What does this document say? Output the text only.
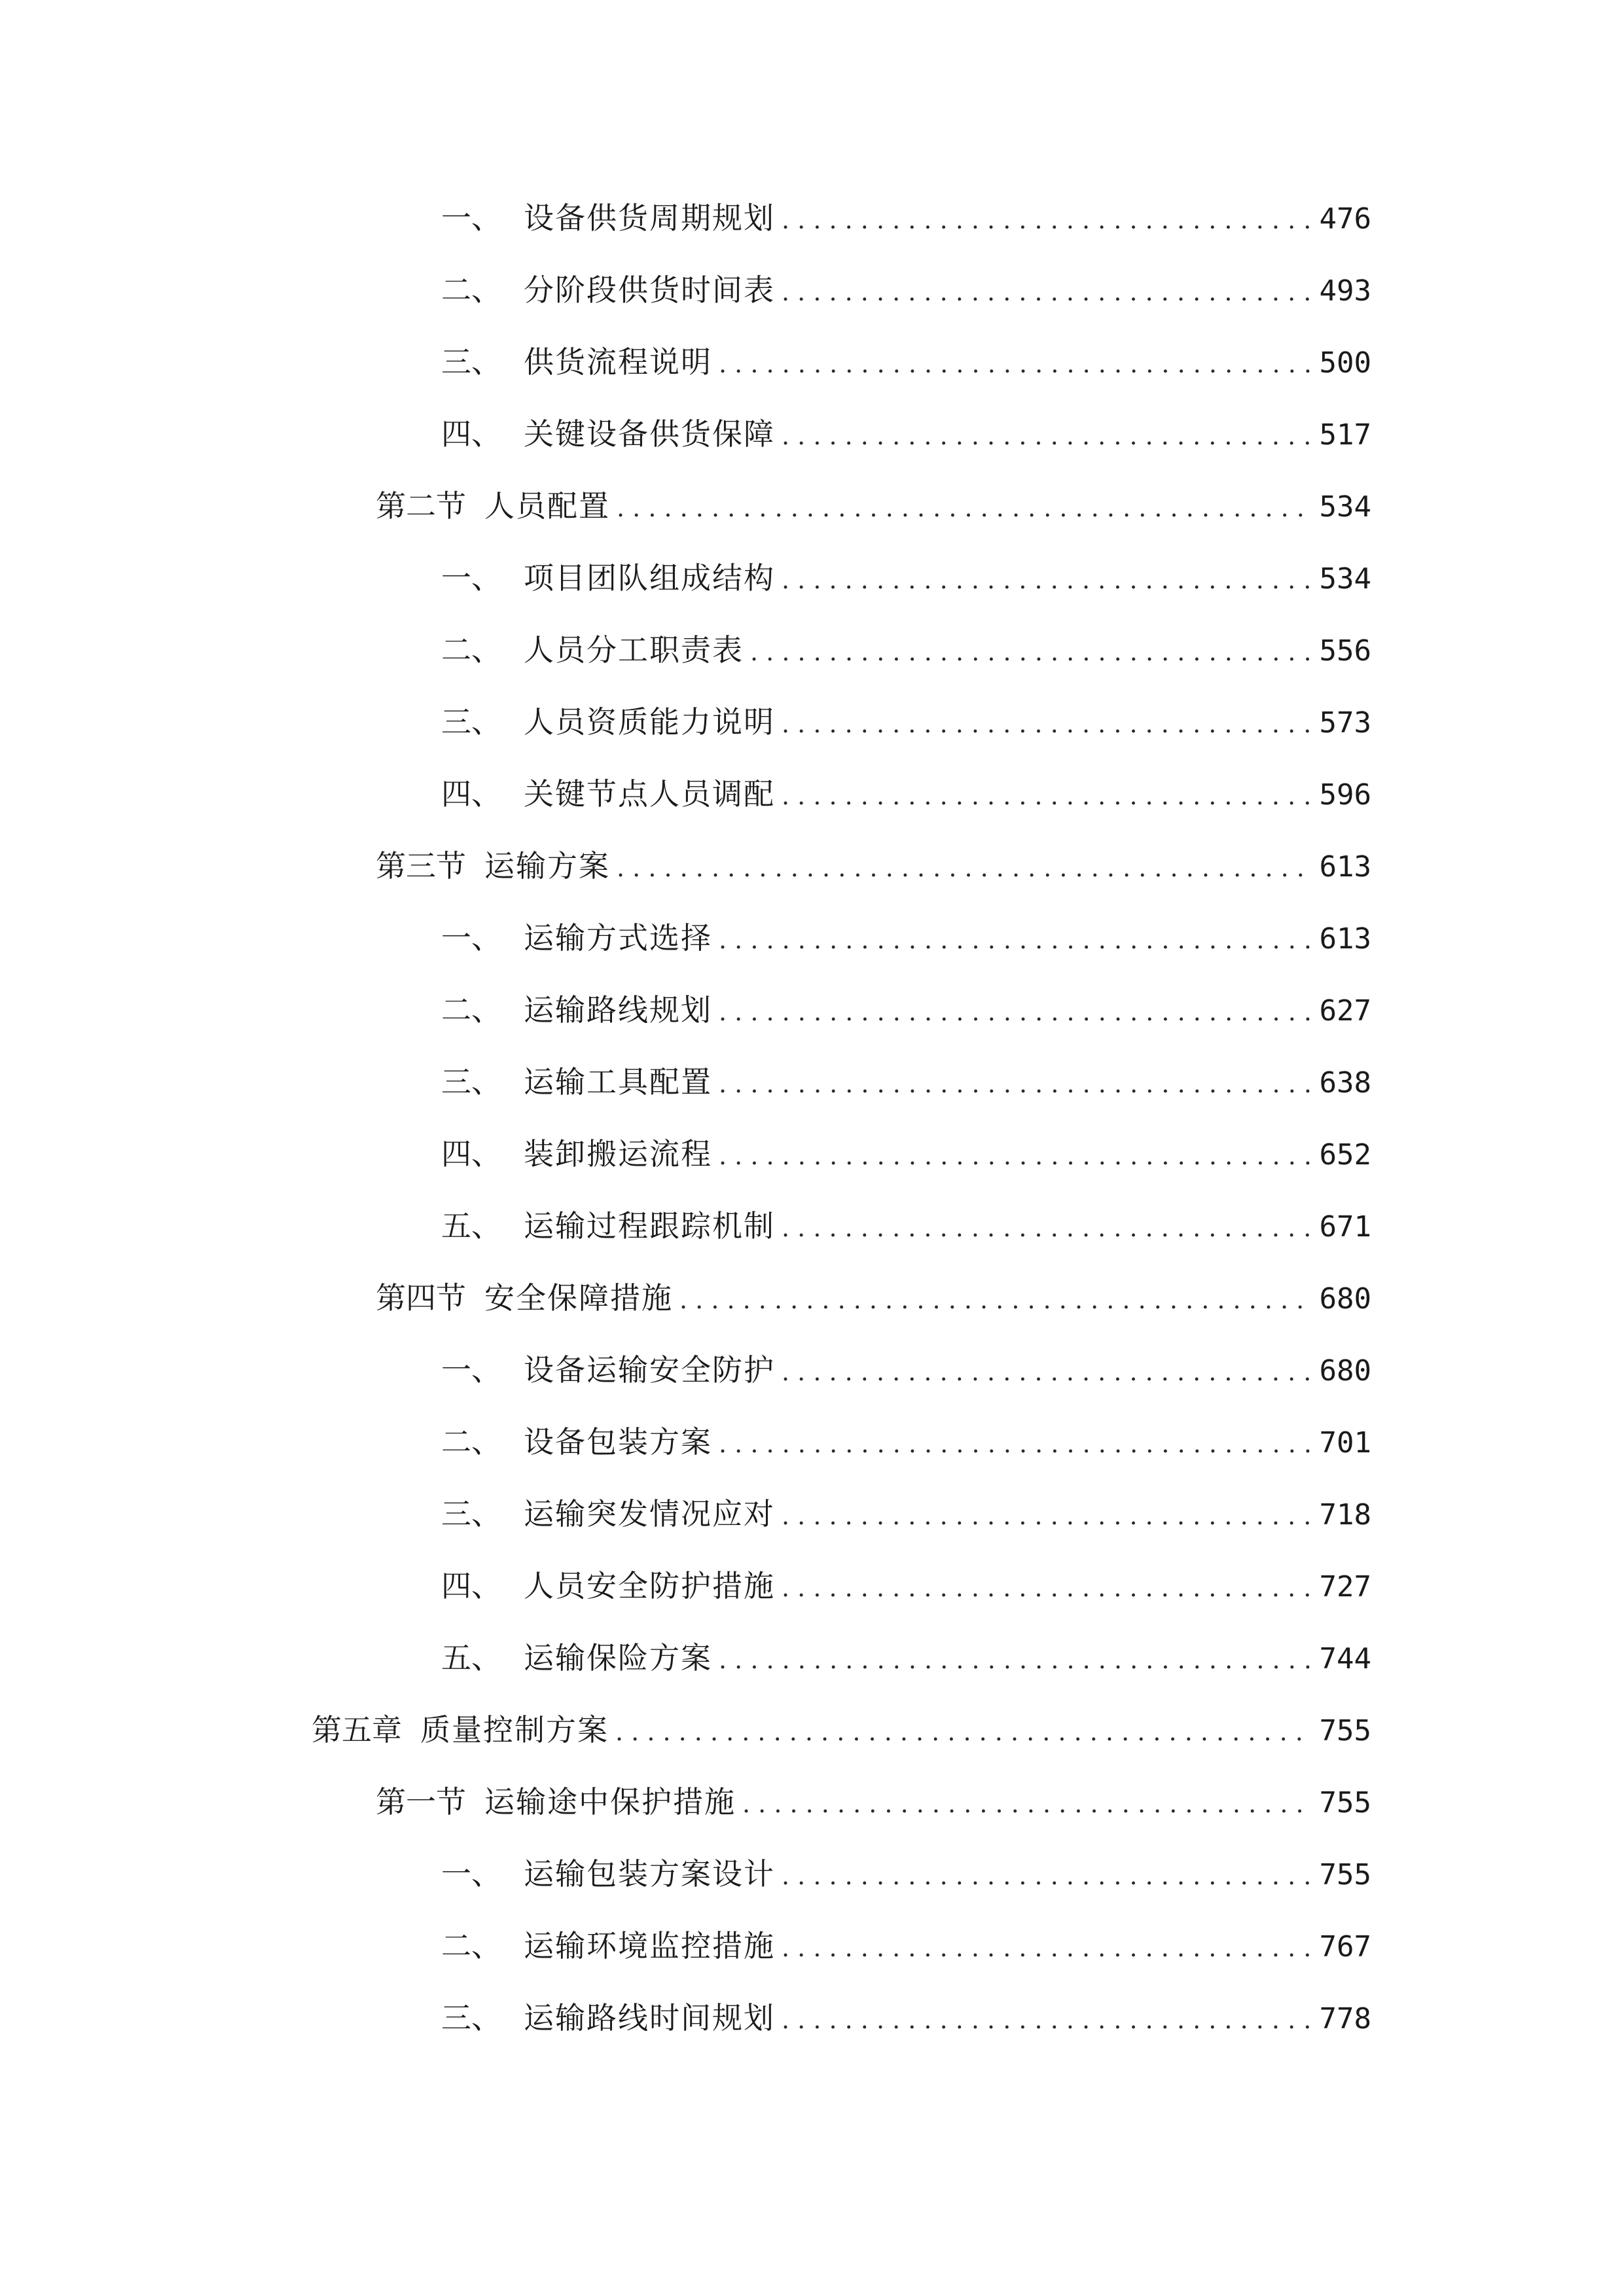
一、 设备供货周期规划 . . .	476
二、 分阶段供货时间表 . . .	493
三、 供货流程说明 . . .	500
四、 关键设备供货保障 . . .	517
第二节 人员配置 . . .	534
一、 项目团队组成结构 . . .	534
二、 人员分工职责表 . . .	556
三、 人员资质能力说明 . . .	573
四、 关键节点人员调配 . . .	596
第三节 运输方案 . . .	613
一、 运输方式选择 . . .	613
二、 运输路线规划 . . .	627
三、 运输工具配置 . . .	638
四、 装卸搬运流程 . . .	652
五、 运输过程跟踪机制 . . .	671
第四节 安全保障措施 . . .	680
一、 设备运输安全防护 . . .	680
二、 设备包装方案 . . .	701
三、 运输突发情况应对 . . .	718
四、 人员安全防护措施 . . .	727
五、 运输保险方案 . . .	744
第五章 质量控制方案 . . .	755
第一节 运输途中保护措施 . . .	755
一、 运输包装方案设计 . . .	755
二、 运输环境监控措施 . . .	767
三、 运输路线时间规划 . . .	778
